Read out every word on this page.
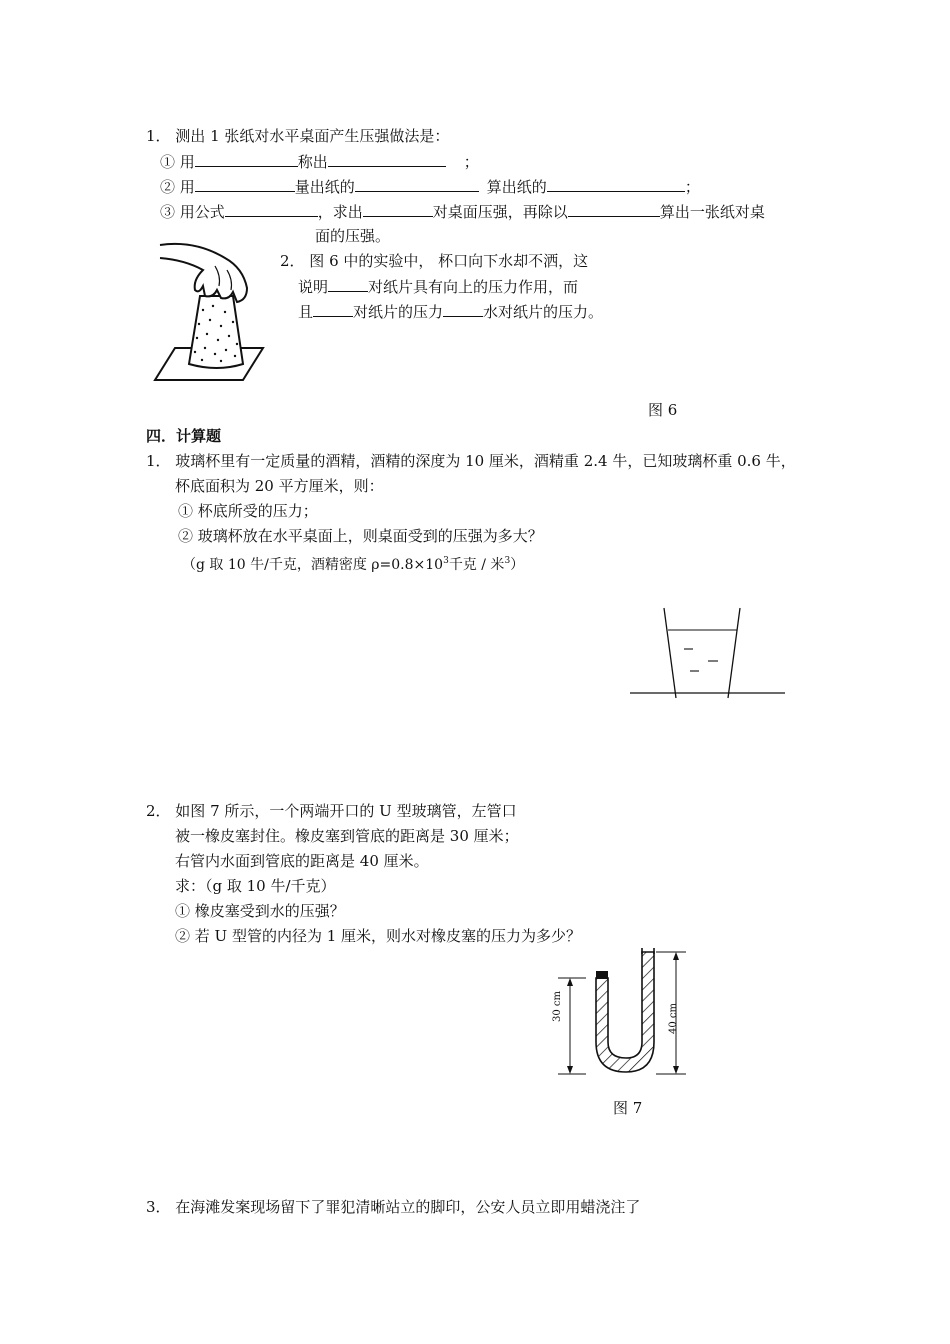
1． 测出 1 张纸对水平桌面产生压强做法是：
① 用	称出	；
② 用	量出纸的	算出纸的	；
③ 用公式	，求出	对桌面压强，再除以	算出一张纸对桌
面的压强。
2． 图 6 中的实验中， 杯口向下水却不洒，这
说明	对纸片具有向上的压力作用，而
且	对纸片的压力	水对纸片的压力。
图 6
四．计算题
1． 玻璃杯里有一定质量的酒精，酒精的深度为 10 厘米，酒精重 2.4 牛，已知玻璃杯重 0.6 牛，
杯底面积为 20 平方厘米，则：
① 杯底所受的压力；
② 玻璃杯放在水平桌面上，则桌面受到的压强为多大？
（g 取 10 牛/千克，酒精密度 $\rho=0.8\times 10^3$千克 / 米$^3$）
2． 如图 7 所示，一个两端开口的 U 型玻璃管，左管口
被一橡皮塞封住。橡皮塞到管底的距离是 30 厘米；
右管内水面到管底的距离是 40 厘米。
求：（g 取 10 牛/千克）
① 橡皮塞受到水的压强？
② 若 U 型管的内径为 1 厘米，则水对橡皮塞的压力为多少？
30 cm	40 cm
图 7
3． 在海滩发案现场留下了罪犯清晰站立的脚印，公安人员立即用蜡浇注了
